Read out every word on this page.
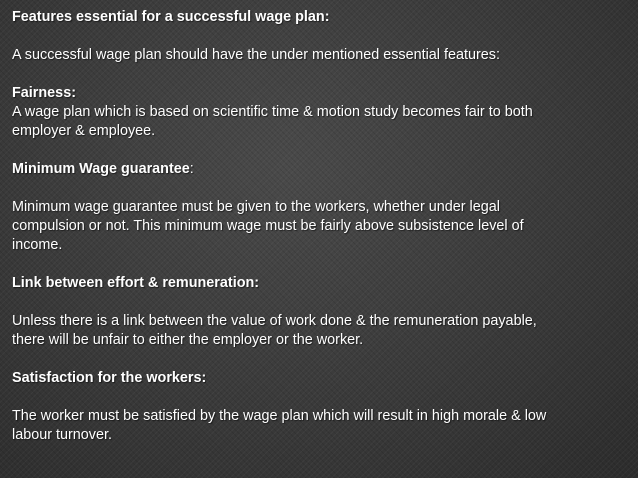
Features essential for a successful wage plan:

A successful wage plan should have the under mentioned essential features:

Fairness:

A wage plan which is based on scientific time & motion study becomes fair to both

employer & employee.

Minimum Wage guarantee:

Minimum wage guarantee must be given to the workers, whether under legal

compulsion or not. This minimum wage must be fairly above subsistence level of

income.

Link between effort & remuneration:

Unless there is a link between the value of work done & the remuneration payable,

there will be unfair to either the employer or the worker.

Satisfaction for the workers:

The worker must be satisfied by the wage plan which will result in high morale & low

labour turnover.
